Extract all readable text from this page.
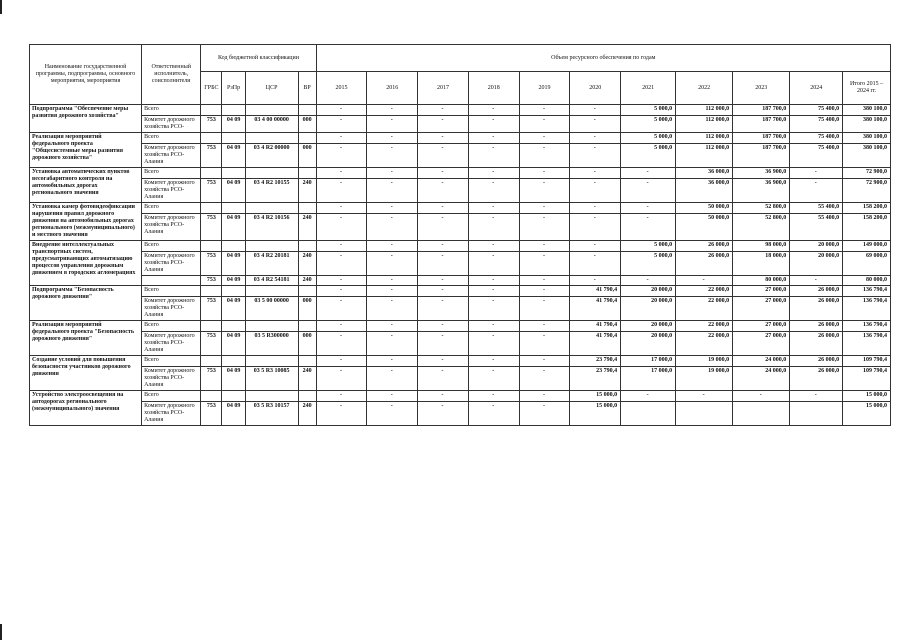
Наименование государственной программы, подпрограммы, основного мероприятия, мероприятия	Ответственный исполнитель, соисполнители	Код бюджетной классификации				Объем ресурсного обеспечения по годам										
		ГРБС	РзПр	ЦСР	ВР	2015	2016	2017	2018	2019	2020	2021	2022	2023	2024	Итого 2015 – 2024 гг.
Подпрограмма "Обеспечение меры развития дорожного хозяйства"	Всего					-	-	-	-	-	-	5 000,0	112 000,0	187 700,0	75 400,0	380 100,0
	Комитет дорожного хозяйства РСО-	753	04 09	03 4 00 00000	000	-	-	-	-	-	-	5 000,0	112 000,0	187 700,0	75 400,0	380 100,0
Реализация мероприятий федерального проекта "Общесистемные меры развития дорожного хозяйства"	Всего					-	-	-	-	-	-	5 000,0	112 000,0	187 700,0	75 400,0	380 100,0
	Комитет дорожного хозяйства РСО-Алания	753	04 09	03 4 R2 00000	000	-	-	-	-	-	-	5 000,0	112 000,0	187 700,0	75 400,0	380 100,0
Установка автоматических пунктов весогабаритного контроля на автомобильных дорогах регионального значения	Всего					-	-	-	-	-	-	-	36 000,0	36 900,0	-	72 900,0
	Комитет дорожного хозяйства РСО-Алания	753	04 09	03 4 R2 10155	240	-	-	-	-	-	-	-	36 000,0	36 900,0	-	72 900,0
Установка камер фотовидеофиксации нарушения правил дорожного движения на автомобильных дорогах регионального (межмуниципального) и местного значения	Всего					-	-	-	-	-	-	-	50 000,0	52 800,0	55 400,0	158 200,0
	Комитет дорожного хозяйства РСО-Алания	753	04 09	03 4 R2 10156	240	-	-	-	-	-	-	-	50 000,0	52 800,0	55 400,0	158 200,0
Внедрение интеллектуальных транспортных систем, предусматривающих автоматизацию процессов управления дорожным движением в городских агломерациях	Всего					-	-	-	-	-	-	5 000,0	26 000,0	98 000,0	20 000,0	149 000,0
	Комитет дорожного хозяйства РСО-Алания	753	04 09	03 4 R2 20181	240	-	-	-	-	-	-	5 000,0	26 000,0	18 000,0	20 000,0	69 000,0
		753	04 09	03 4 R2 54181	240	-	-	-	-	-	-	-	-	80 000,0	-	80 000,0
Подпрограмма "Безопасность дорожного движения"	Всего					-	-	-	-	-	41 790,4	20 000,0	22 000,0	27 000,0	26 000,0	136 790,4
	Комитет дорожного хозяйства РСО-Алания	753	04 09	03 5 00 00000	000	-	-	-	-	-	41 790,4	20 000,0	22 000,0	27 000,0	26 000,0	136 790,4
Реализация мероприятий федерального проекта "Безопасность дорожного движения"	Всего					-	-	-	-	-	41 790,4	20 000,0	22 000,0	27 000,0	26 000,0	136 790,4
	Комитет дорожного хозяйства РСО-Алания	753	04 09	03 5 R300000	000	-	-	-	-	-	41 790,4	20 000,0	22 000,0	27 000,0	26 000,0	136 790,4
Создание условий для повышения безопасности участников дорожного движения	Всего					-	-	-	-	-	23 790,4	17 000,0	19 000,0	24 000,0	26 000,0	109 790,4
	Комитет дорожного хозяйства РСО-Алания	753	04 09	03 5 R3 10085	240	-	-	-	-	-	23 790,4	17 000,0	19 000,0	24 000,0	26 000,0	109 790,4
Устройство электроосвещения на автодорогах регионального (межмуниципального) значения	Всего					-	-	-	-	-	15 000,0	-	-	-	-	15 000,0
	Комитет дорожного хозяйства РСО-Алания	753	04 09	03 5 R3 10157	240	-	-	-	-	-	15 000,0					15 000,0
